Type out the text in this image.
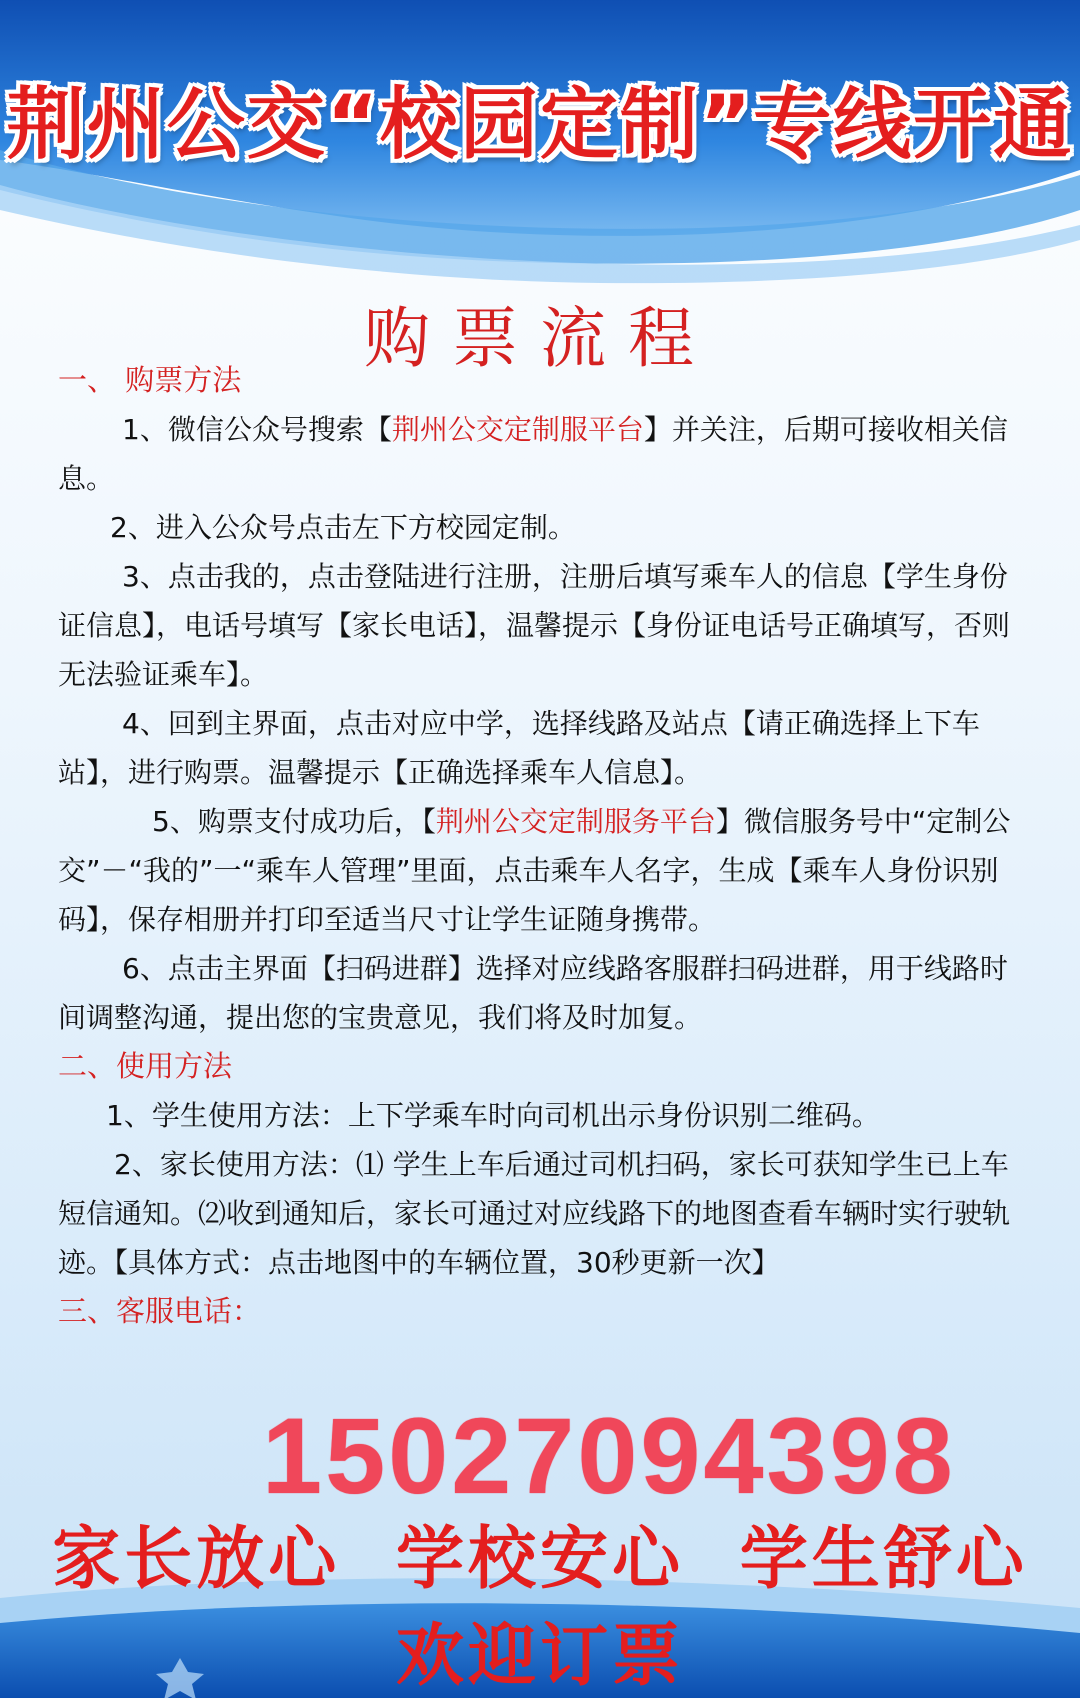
荆州公交“校园定制”专线开通
购票流程
一、 购票方法

1、微信公众号搜索【荆州公交定制服平台】并关注，后期可接收相关信息。

2、进入公众号点击左下方校园定制。

3、点击我的，点击登陆进行注册，注册后填写乘车人的信息【学生身份证信息】，电话号填写【家长电话】，温馨提示【身份证电话号正确填写，否则无法验证乘车】。

4、回到主界面，点击对应中学，选择线路及站点【请正确选择上下车站】，进行购票。温馨提示【正确选择乘车人信息】。

5、购票支付成功后，【荆州公交定制服务平台】微信服务号中“定制公交”－“我的”一“乘车人管理”里面，点击乘车人名字，生成【乘车人身份识别码】，保存相册并打印至适当尺寸让学生证随身携带。

6、点击主界面【扫码进群】选择对应线路客服群扫码进群，用于线路时间调整沟通，提出您的宝贵意见，我们将及时加复。

二、使用方法

1、学生使用方法：上下学乘车时向司机出示身份识别二维码。

2、家长使用方法：⑴ 学生上车后通过司机扫码，家长可获知学生已上车短信通知。⑵收到通知后，家长可通过对应线路下的地图查看车辆时实行驶轨迹。【具体方式：点击地图中的车辆位置，30秒更新一次】

三、客服电话：
15027094398
家长放心 学校安心 学生舒心 欢迎订票
